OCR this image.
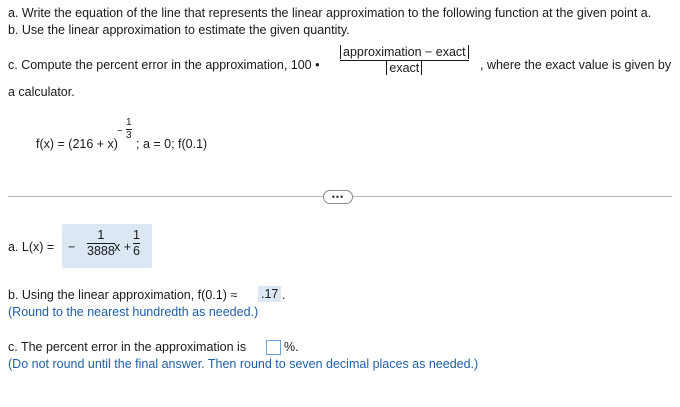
a. Write the equation of the line that represents the linear approximation to the following function at the given point a.
b. Use the linear approximation to estimate the given quantity.
c. Compute the percent error in the approximation, 100 •
approximation − exact
exact	, where the exact value is given by
a calculator.
f(x) = (216 + x)
−
1
3
; a = 0; f(0.1)
•••
a. L(x) = −
1
3888 x +
1
6
b. Using the linear approximation, f(0.1) ≈ .17 .
(Round to the nearest hundredth as needed.)
c. The percent error in the approximation is	%.
(Do not round until the final answer. Then round to seven decimal places as needed.)
